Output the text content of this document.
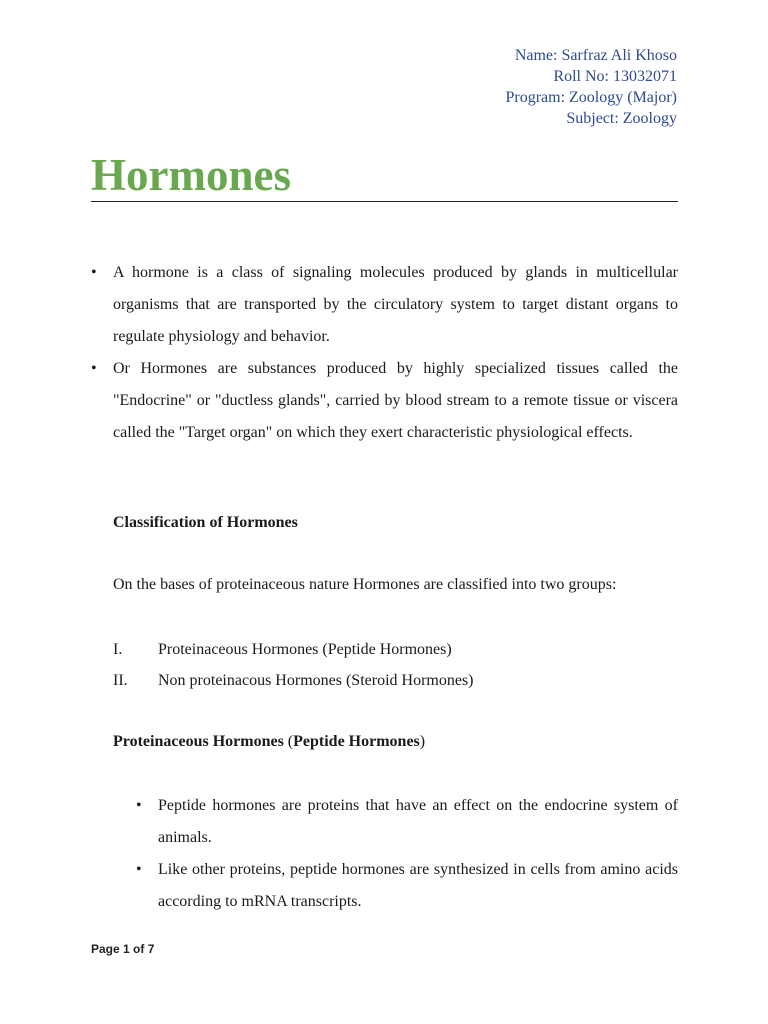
Name: Sarfraz Ali Khoso
Roll No: 13032071
Program: Zoology (Major)
Subject: Zoology
Hormones
• A hormone is a class of signaling molecules produced by glands in multicellular organisms that are transported by the circulatory system to target distant organs to regulate physiology and behavior.
• Or Hormones are substances produced by highly specialized tissues called the "Endocrine" or "ductless glands", carried by blood stream to a remote tissue or viscera called the "Target organ" on which they exert characteristic physiological effects.
Classification of Hormones
On the bases of proteinaceous nature Hormones are classified into two groups:
I.	Proteinaceous Hormones (Peptide Hormones)
II.	Non proteinacous Hormones (Steroid Hormones)
Proteinaceous Hormones (Peptide Hormones)
• Peptide hormones are proteins that have an effect on the endocrine system of animals.
• Like other proteins, peptide hormones are synthesized in cells from amino acids according to mRNA transcripts.
Page 1 of 7
